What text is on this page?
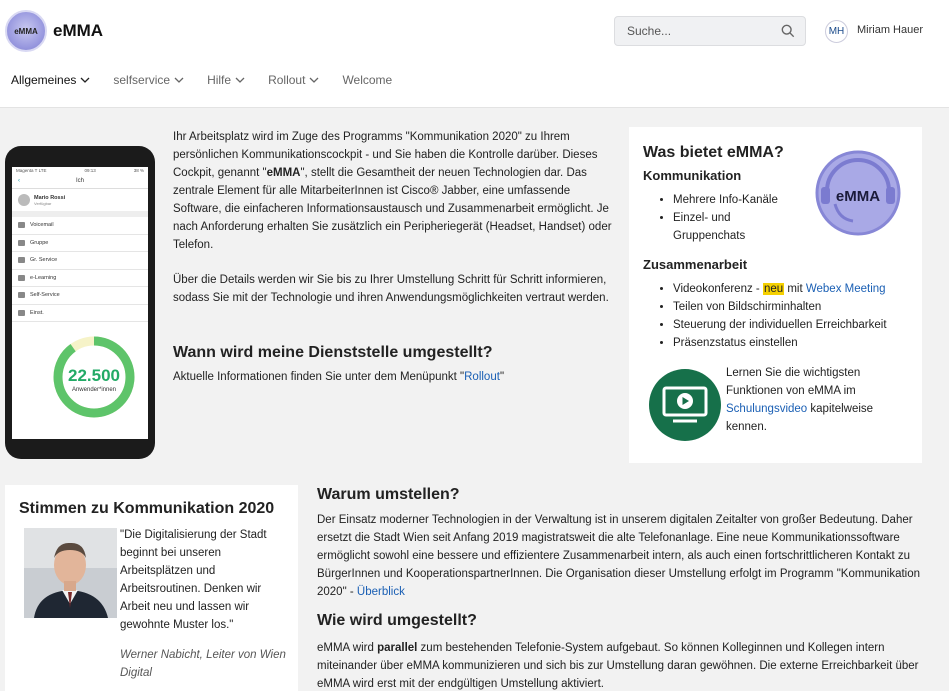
eMMA eMMA
Suche...	MH	Miriam Hauer
Allgemeines	selfservice	Hilfe	Rollout	Welcome
Magenta T LTE	09:13	38 %
‹	Ich
Mario Rossi
Verfügbar
Voicemail
Gruppe
Gr. Service
e-Learning
Self-Service
Einst.
22.500
Anwender*innen

Ihr Arbeitsplatz wird im Zuge des Programms "Kommunikation 2020" zu Ihrem persönlichen Kommunikationscockpit - und Sie haben die Kontrolle darüber. Dieses Cockpit, genannt "eMMA", stellt die Gesamtheit der neuen Technologien dar. Das zentrale Element für alle MitarbeiterInnen ist Cisco® Jabber, eine umfassende Software, die einfacheren Informationsaustausch und Zusammenarbeit ermöglicht. Je nach Anforderung erhalten Sie zusätzlich ein Peripheriegerät (Headset, Handset) oder Telefon.

Über die Details werden wir Sie bis zu Ihrer Umstellung Schritt für Schritt informieren, sodass Sie mit der Technologie und ihren Anwendungsmöglichkeiten vertraut werden.

Wann wird meine Dienststelle umgestellt?
Aktuelle Informationen finden Sie unter dem Menüpunkt "Rollout"
Was bietet eMMA?
eMMA
Kommunikation
• Mehrere Info-Kanäle
• Einzel- und Gruppenchats
Zusammenarbeit
• Videokonferenz - neu mit Webex Meeting
• Teilen von Bildschirminhalten
• Steuerung der individuellen Erreichbarkeit
• Präsenzstatus einstellen
Lernen Sie die wichtigsten Funktionen von eMMA im Schulungsvideo kapitelweise kennen.
Stimmen zu Kommunikation 2020
"Die Digitalisierung der Stadt beginnt bei unseren Arbeitsplätzen und Arbeitsroutinen. Denken wir Arbeit neu und lassen wir gewohnte Muster los."
Werner Nabicht, Leiter von Wien Digital
Warum umstellen?
Der Einsatz moderner Technologien in der Verwaltung ist in unserem digitalen Zeitalter von großer Bedeutung. Daher ersetzt die Stadt Wien seit Anfang 2019 magistratsweit die alte Telefonanlage. Eine neue Kommunikationssoftware ermöglicht sowohl eine bessere und effizientere Zusammenarbeit intern, als auch einen fortschrittlicheren Kontakt zu BürgerInnen und KooperationspartnerInnen. Die Organisation dieser Umstellung erfolgt im Programm "Kommunikation 2020" - Überblick
Wie wird umgestellt?
eMMA wird parallel zum bestehenden Telefonie-System aufgebaut. So können Kolleginnen und Kollegen intern miteinander über eMMA kommunizieren und sich bis zur Umstellung daran gewöhnen. Die externe Erreichbarkeit über eMMA wird erst mit der endgültigen Umstellung aktiviert.
